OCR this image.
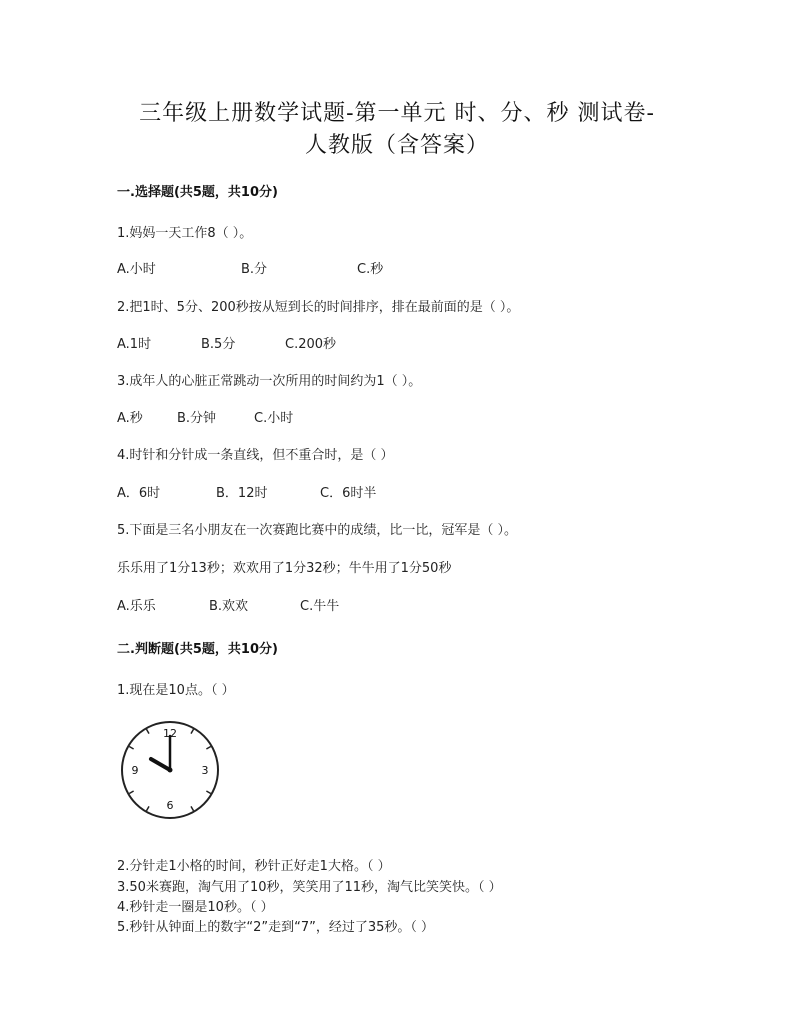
三年级上册数学试题-第一单元 时、分、秒 测试卷-
人教版（含答案）
一.选择题(共5题，共10分)
1.妈妈一天工作8（ ）。
A.小时	B.分	C.秒
2.把1时、5分、200秒按从短到长的时间排序，排在最前面的是（ ）。
A.1时	B.5分	C.200秒
3.成年人的心脏正常跳动一次所用的时间约为1（ ）。
A.秒	B.分钟	C.小时
4.时针和分针成一条直线，但不重合时，是（ ）
A．6时	B．12时	C．6时半
5.下面是三名小朋友在一次赛跑比赛中的成绩，比一比，冠军是（ ）。
乐乐用了1分13秒；欢欢用了1分32秒；牛牛用了1分50秒
A.乐乐	B.欢欢	C.牛牛
二.判断题(共5题，共10分)
1.现在是10点。（ ）
12
3
6
9
2.分针走1小格的时间，秒针正好走1大格。（ ）
3.50米赛跑，淘气用了10秒，笑笑用了11秒，淘气比笑笑快。（ ）
4.秒针走一圈是10秒。（ ）
5.秒针从钟面上的数字“2”走到“7”，经过了35秒。（ ）
